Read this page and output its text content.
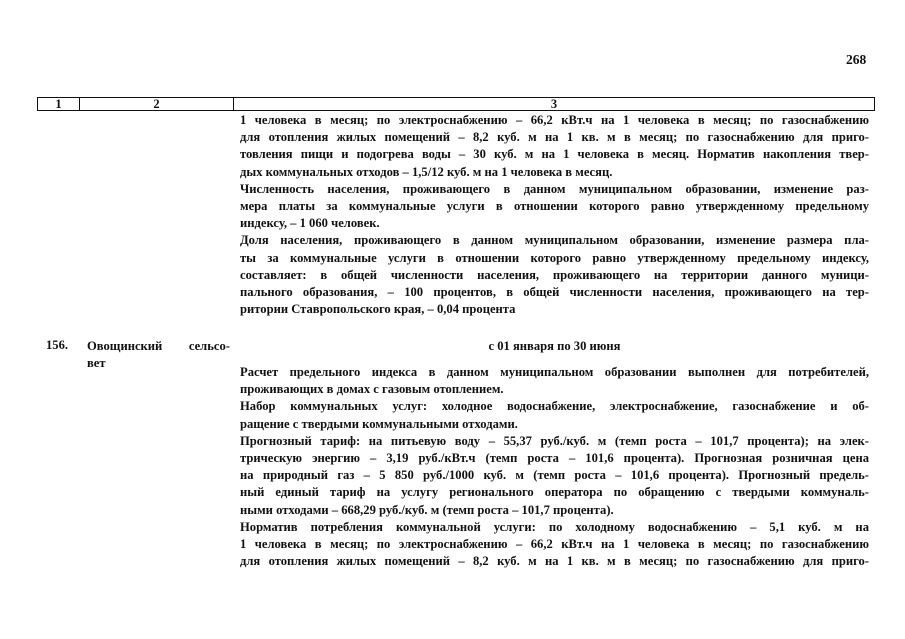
268
1	2	3
1 человека в месяц; по электроснабжению – 66,2 кВт.ч на 1 человека в месяц; по газоснабжению
для отопления жилых помещений – 8,2 куб. м на 1 кв. м в месяц; по газоснабжению для приго-
товления пищи и подогрева воды – 30 куб. м на 1 человека в месяц. Норматив накопления твер-
дых коммунальных отходов – 1,5/12 куб. м на 1 человека в месяц.
Численность населения, проживающего в данном муниципальном образовании, изменение раз-
мера платы за коммунальные услуги в отношении которого равно утвержденному предельному
индексу, – 1 060 человек.
Доля населения, проживающего в данном муниципальном образовании, изменение размера пла-
ты за коммунальные услуги в отношении которого равно утвержденному предельному индексу,
составляет: в общей численности населения, проживающего на территории данного муници-
пального образования, – 100 процентов, в общей численности населения, проживающего на тер-
ритории Ставропольского края, – 0,04 процента
156. Овощинский сельсо-
вет
с 01 января по 30 июня
Расчет предельного индекса в данном муниципальном образовании выполнен для потребителей,
проживающих в домах с газовым отоплением.
Набор коммунальных услуг: холодное водоснабжение, электроснабжение, газоснабжение и об-
ращение с твердыми коммунальными отходами.
Прогнозный тариф: на питьевую воду – 55,37 руб./куб. м (темп роста – 101,7 процента); на элек-
трическую энергию – 3,19 руб./кВт.ч (темп роста – 101,6 процента). Прогнозная розничная цена
на природный газ – 5 850 руб./1000 куб. м (темп роста – 101,6 процента). Прогнозный предель-
ный единый тариф на услугу регионального оператора по обращению с твердыми коммуналь-
ными отходами – 668,29 руб./куб. м (темп роста – 101,7 процента).
Норматив потребления коммунальной услуги: по холодному водоснабжению – 5,1 куб. м на
1 человека в месяц; по электроснабжению – 66,2 кВт.ч на 1 человека в месяц; по газоснабжению
для отопления жилых помещений – 8,2 куб. м на 1 кв. м в месяц; по газоснабжению для приго-
